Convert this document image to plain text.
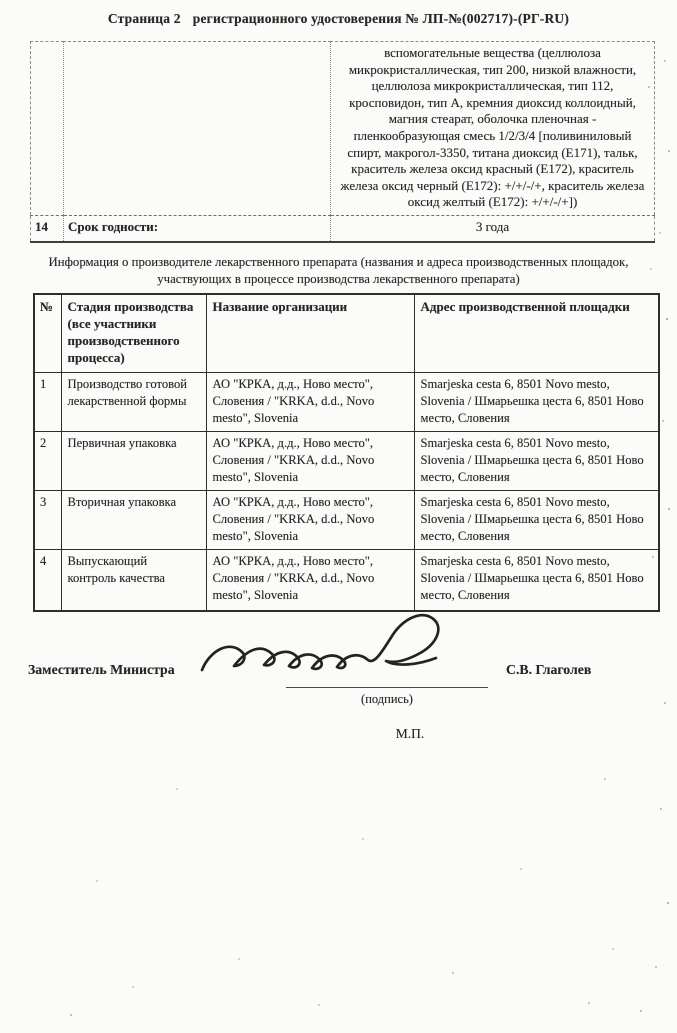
Страница 2 регистрационного удостоверения № ЛП-№(002717)-(РГ-RU)
		вспомогательные вещества (целлюлоза микрокристаллическая, тип 200, низкой влажности, целлюлоза микрокристаллическая, тип 112, кросповидон, тип А, кремния диоксид коллоидный, магния стеарат, оболочка пленочная - пленкообразующая смесь 1/2/3/4 [поливиниловый спирт, макрогол-3350, титана диоксид (Е171), тальк, краситель железа оксид красный (Е172), краситель железа оксид черный (Е172): +/+/-/+, краситель железа оксид желтый (Е172): +/+/-/+])
14	Срок годности:	3 года

Информация о производителе лекарственного препарата (названия и адреса производственных площадок, участвующих в процессе производства лекарственного препарата)

№	Стадия производства (все участники производственного процесса)	Название организации	Адрес производственной площадки
1	Производство готовой лекарственной формы	АО "КРКА, д.д., Ново место", Словения / "KRKA, d.d., Novo mesto", Slovenia	Smarjeska cesta 6, 8501 Novo mesto, Slovenia / Шмарьешка цеста 6, 8501 Ново место, Словения
2	Первичная упаковка	АО "КРКА, д.д., Ново место", Словения / "KRKA, d.d., Novo mesto", Slovenia	Smarjeska cesta 6, 8501 Novo mesto, Slovenia / Шмарьешка цеста 6, 8501 Ново место, Словения
3	Вторичная упаковка	АО "КРКА, д.д., Ново место", Словения / "KRKA, d.d., Novo mesto", Slovenia	Smarjeska cesta 6, 8501 Novo mesto, Slovenia / Шмарьешка цеста 6, 8501 Ново место, Словения
4	Выпускающий контроль качества	АО "КРКА, д.д., Ново место", Словения / "KRKA, d.d., Novo mesto", Slovenia	Smarjeska cesta 6, 8501 Novo mesto, Slovenia / Шмарьешка цеста 6, 8501 Ново место, Словения
Заместитель Министра
(подпись)
С.В. Глаголев
М.П.
